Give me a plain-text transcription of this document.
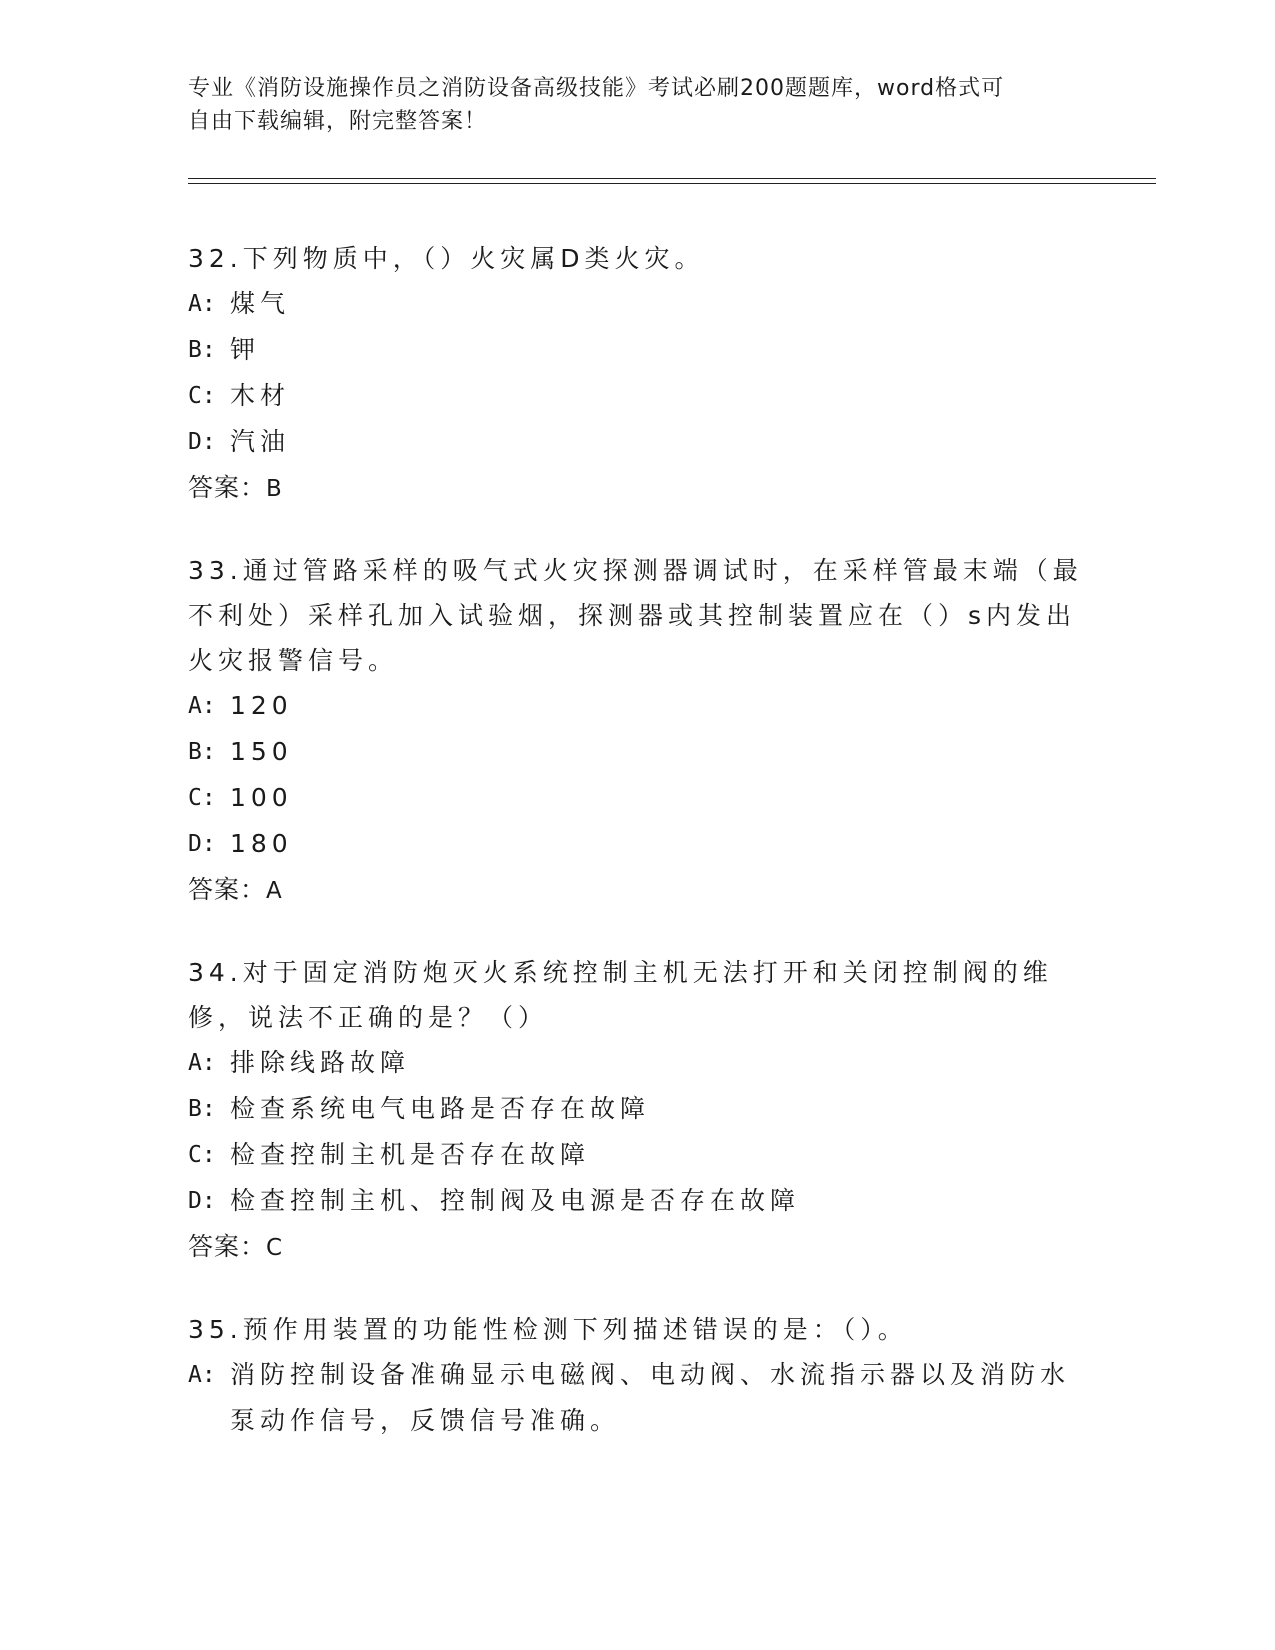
专业《消防设施操作员之消防设备高级技能》考试必刷200题题库，word格式可
自由下载编辑，附完整答案！
32.下列物质中，（）火灾属D类火灾。
A: 煤气
B: 钾
C: 木材
D: 汽油
答案：B
33.通过管路采样的吸气式火灾探测器调试时，在采样管最末端（最不利处）采样孔加入试验烟，探测器或其控制装置应在（）s内发出火灾报警信号。
A: 120
B: 150
C: 100
D: 180
答案：A
34.对于固定消防炮灭火系统控制主机无法打开和关闭控制阀的维修，说法不正确的是？（）
A: 排除线路故障
B: 检查系统电气电路是否存在故障
C: 检查控制主机是否存在故障
D: 检查控制主机、控制阀及电源是否存在故障
答案：C
35.预作用装置的功能性检测下列描述错误的是：（）。
A: 消防控制设备准确显示电磁阀、电动阀、水流指示器以及消防水泵动作信号，反馈信号准确。
